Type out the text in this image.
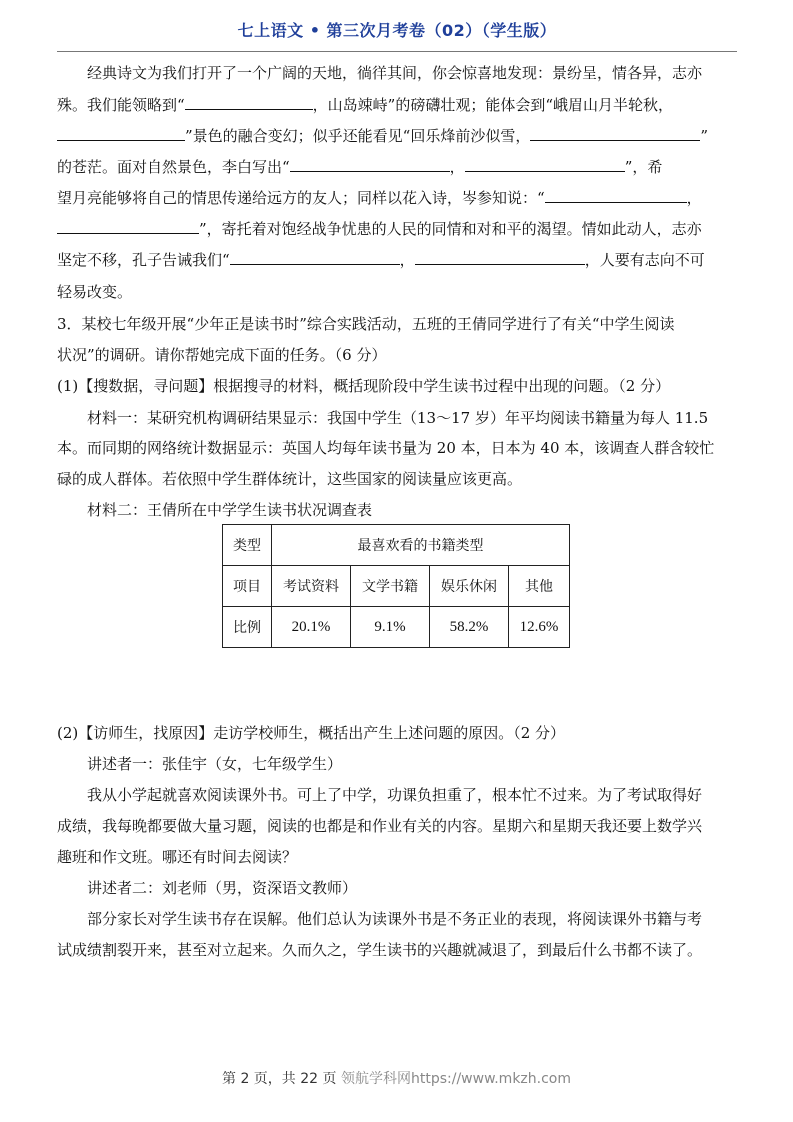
七上语文 • 第三次月考卷（02）（学生版）
经典诗文为我们打开了一个广阔的天地，徜徉其间，你会惊喜地发现：景纷呈，情各异，志亦
殊。我们能领略到“	，山岛竦峙”的磅礴壮观；能体会到“峨眉山月半轮秋，
”景色的融合变幻；似乎还能看见“回乐烽前沙似雪，	”
的苍茫。面对自然景色，李白写出“	，	”，希
望月亮能够将自己的情思传递给远方的友人；同样以花入诗，岑参知说：“	，
”，寄托着对饱经战争忧患的人民的同情和对和平的渴望。情如此动人，志亦
坚定不移，孔子告诫我们“	，	，人要有志向不可
轻易改变。
3．某校七年级开展“少年正是读书时”综合实践活动，五班的王倩同学进行了有关“中学生阅读
状况”的调研。请你帮她完成下面的任务。（6 分）
(1)【搜数据，寻问题】根据搜寻的材料，概括现阶段中学生读书过程中出现的问题。（2 分）
材料一：某研究机构调研结果显示：我国中学生（13～17 岁）年平均阅读书籍量为每人 11.5
本。而同期的网络统计数据显示：英国人均每年读书量为 20 本，日本为 40 本，该调查人群含较忙
碌的成人群体。若依照中学生群体统计，这些国家的阅读量应该更高。
材料二：王倩所在中学学生读书状况调查表
类型	最喜欢看的书籍类型			
项目	考试资料	文学书籍	娱乐休闲	其他
比例	20.1%	9.1%	58.2%	12.6%
(2)【访师生，找原因】走访学校师生，概括出产生上述问题的原因。（2 分）
讲述者一：张佳宇（女，七年级学生）
我从小学起就喜欢阅读课外书。可上了中学，功课负担重了，根本忙不过来。为了考试取得好
成绩，我每晚都要做大量习题，阅读的也都是和作业有关的内容。星期六和星期天我还要上数学兴
趣班和作文班。哪还有时间去阅读？
讲述者二：刘老师（男，资深语文教师）
部分家长对学生读书存在误解。他们总认为读课外书是不务正业的表现，将阅读课外书籍与考
试成绩割裂开来，甚至对立起来。久而久之，学生读书的兴趣就减退了，到最后什么书都不读了。
第 2 页，共 22 页 领航学科网https://www.mkzh.com
